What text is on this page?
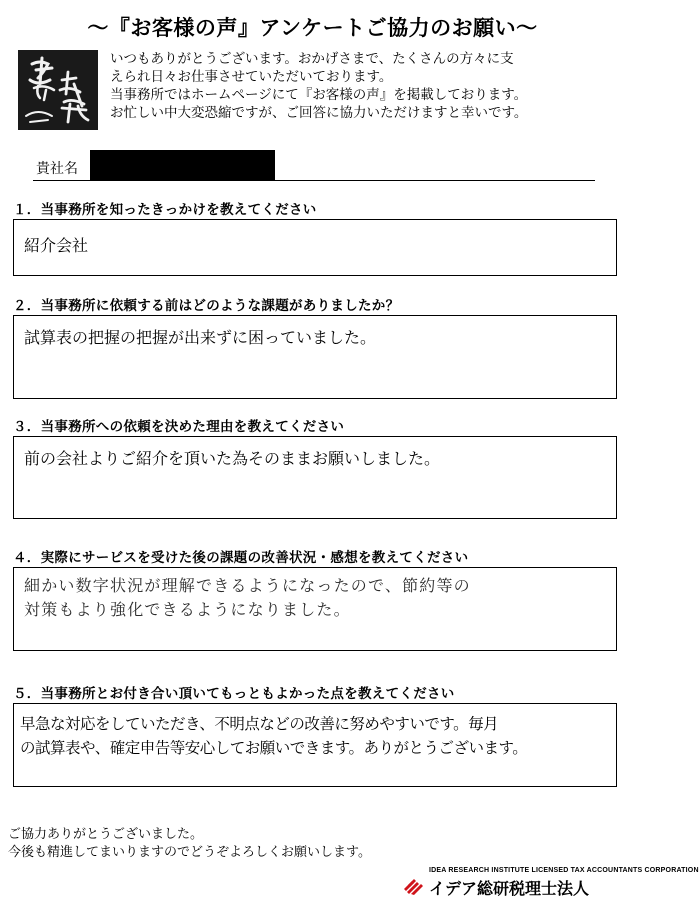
～『お客様の声』アンケートご協力のお願い～
いつもありがとうございます。おかげさまで、たくさんの方々に支
えられ日々お仕事させていただいております。
当事務所ではホームページにて『お客様の声』を掲載しております。
お忙しい中大変恐縮ですが、ご回答に協力いただけますと幸いです。
貴社名
１．当事務所を知ったきっかけを教えてください
紹介会社
２．当事務所に依頼する前はどのような課題がありましたか？
試算表の把握の把握が出来ずに困っていました。
３．当事務所への依頼を決めた理由を教えてください
前の会社よりご紹介を頂いた為そのままお願いしました。
４．実際にサービスを受けた後の課題の改善状況・感想を教えてください
細かい数字状況が理解できるようになったので、節約等の
対策もより強化できるようになりました。
５．当事務所とお付き合い頂いてもっともよかった点を教えてください
早急な対応をしていただき、不明点などの改善に努めやすいです。毎月
の試算表や、確定申告等安心してお願いできます。ありがとうございます。
ご協力ありがとうございました。
今後も精進してまいりますのでどうぞよろしくお願いします。
IDEA RESEARCH INSTITUTE LICENSED TAX ACCOUNTANTS CORPORATION
イデア総研税理士法人
